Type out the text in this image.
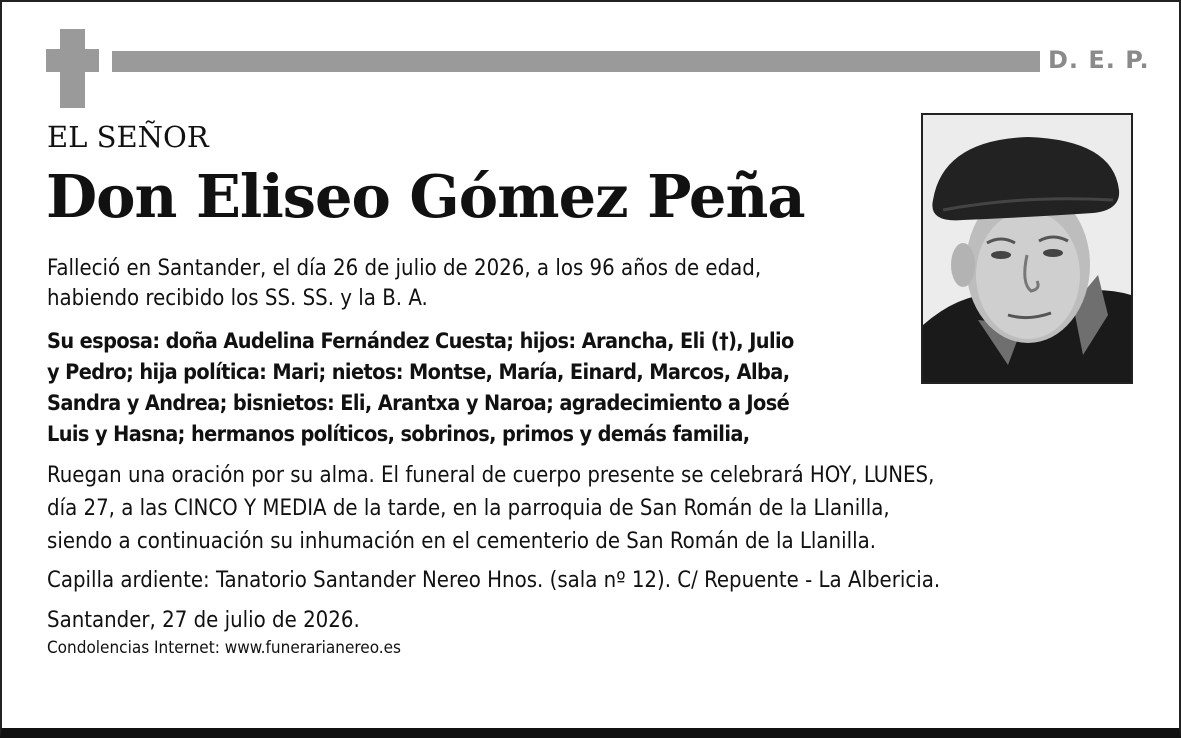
D. E. P.
EL SEÑOR
Don Eliseo Gómez Peña
Falleció en Santander, el día 26 de julio de 2026, a los 96 años de edad,
habiendo recibido los SS. SS. y la B. A.
Su esposa: doña Audelina Fernández Cuesta; hijos: Arancha, Eli (†), Julio
y Pedro; hija política: Mari; nietos: Montse, María, Einard, Marcos, Alba,
Sandra y Andrea; bisnietos: Eli, Arantxa y Naroa; agradecimiento a José
Luis y Hasna; hermanos políticos, sobrinos, primos y demás familia,
Ruegan una oración por su alma. El funeral de cuerpo presente se celebrará HOY, LUNES,
día 27, a las CINCO Y MEDIA de la tarde, en la parroquia de San Román de la Llanilla,
siendo a continuación su inhumación en el cementerio de San Román de la Llanilla.
Capilla ardiente: Tanatorio Santander Nereo Hnos. (sala nº 12). C/ Repuente - La Albericia.
Santander, 27 de julio de 2026.
Condolencias Internet: www.funerarianereo.es
